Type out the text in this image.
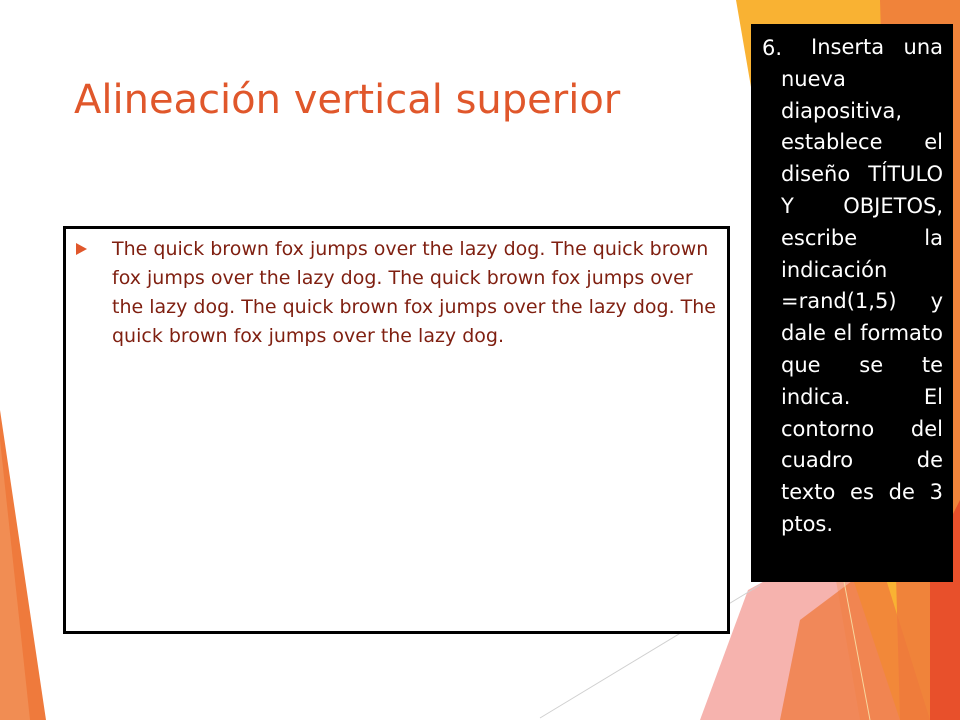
Alineación vertical superior

The quick brown fox jumps over the lazy dog. The quick brown fox jumps over the lazy dog. The quick brown fox jumps over the lazy dog. The quick brown fox jumps over the lazy dog. The quick brown fox jumps over the lazy dog.

6.	Inserta una nueva diapositiva, establece el diseño TÍTULO Y OBJETOS, escribe la indicación =rand(1,5) y dale el formato que se te indica. El contorno del cuadro de texto es de 3 ptos.
